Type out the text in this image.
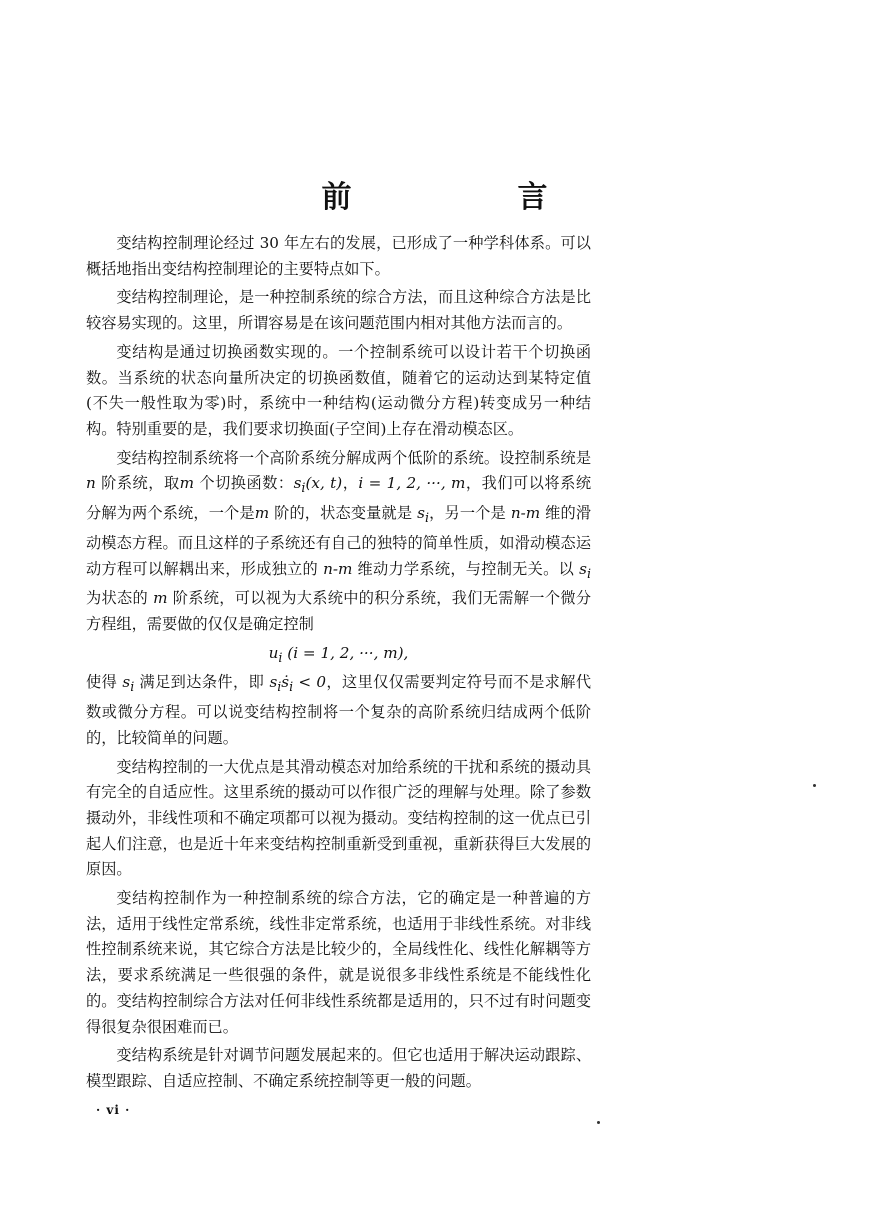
前　言

变结构控制理论经过 30 年左右的发展，已形成了一种学科体系。可以概括地指出变结构控制理论的主要特点如下。

变结构控制理论，是一种控制系统的综合方法，而且这种综合方法是比较容易实现的。这里，所谓容易是在该问题范围内相对其他方法而言的。

变结构是通过切换函数实现的。一个控制系统可以设计若干个切换函数。当系统的状态向量所决定的切换函数值，随着它的运动达到某特定值(不失一般性取为零)时，系统中一种结构(运动微分方程)转变成另一种结构。特别重要的是，我们要求切换面(子空间)上存在滑动模态区。

变结构控制系统将一个高阶系统分解成两个低阶的系统。设控制系统是n 阶系统，取m 个切换函数：$s_i(x$, t)，i = 1, 2, ···, m，我们可以将系统分解为两个系统，一个是m 阶的，状态变量就是 $s_i$，另一个是 n-m 维的滑动模态方程。而且这样的子系统还有自己的独特的简单性质，如滑动模态运动方程可以解耦出来，形成独立的 n-m 维动力学系统，与控制无关。以 $s_i$ 为状态的 m 阶系统，可以视为大系统中的积分系统，我们无需解一个微分方程组，需要做的仅仅是确定控制

$u_i$ (i = 1, 2, ···, m),

使得 $s_i$ 满足到达条件，即 $s_iṡ_i < 0$，这里仅仅需要判定符号而不是求解代数或微分方程。可以说变结构控制将一个复杂的高阶系统归结成两个低阶的，比较简单的问题。

变结构控制的一大优点是其滑动模态对加给系统的干扰和系统的摄动具有完全的自适应性。这里系统的摄动可以作很广泛的理解与处理。除了参数摄动外，非线性项和不确定项都可以视为摄动。变结构控制的这一优点已引起人们注意，也是近十年来变结构控制重新受到重视，重新获得巨大发展的原因。

变结构控制作为一种控制系统的综合方法，它的确定是一种普遍的方法，适用于线性定常系统，线性非定常系统，也适用于非线性系统。对非线性控制系统来说，其它综合方法是比较少的，全局线性化、线性化解耦等方法，要求系统满足一些很强的条件，就是说很多非线性系统是不能线性化的。变结构控制综合方法对任何非线性系统都是适用的，只不过有时问题变得很复杂很困难而已。

变结构系统是针对调节问题发展起来的。但它也适用于解决运动跟踪、模型跟踪、自适应控制、不确定系统控制等更一般的问题。

· vi ·
